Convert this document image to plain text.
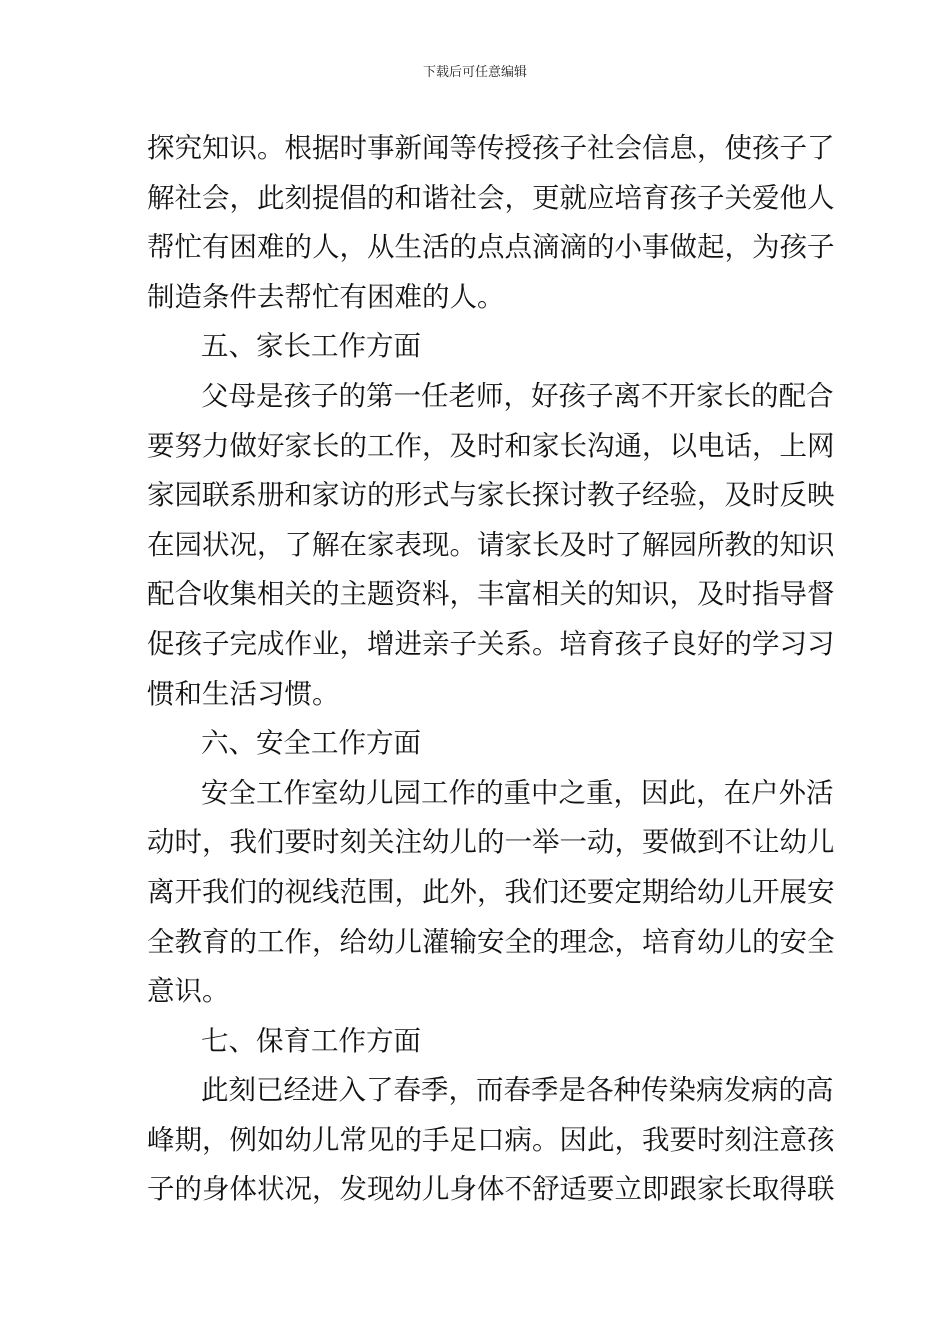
下载后可任意编辑
探究知识。根据时事新闻等传授孩子社会信息，使孩子了
解社会，此刻提倡的和谐社会，更就应培育孩子关爱他人
帮忙有困难的人，从生活的点点滴滴的小事做起，为孩子
制造条件去帮忙有困难的人。
五、家长工作方面
父母是孩子的第一任老师，好孩子离不开家长的配合
要努力做好家长的工作，及时和家长沟通，以电话，上网
家园联系册和家访的形式与家长探讨教子经验，及时反映
在园状况，了解在家表现。请家长及时了解园所教的知识
配合收集相关的主题资料，丰富相关的知识，及时指导督
促孩子完成作业，增进亲子关系。培育孩子良好的学习习
惯和生活习惯。
六、安全工作方面
安全工作室幼儿园工作的重中之重，因此，在户外活
动时，我们要时刻关注幼儿的一举一动，要做到不让幼儿
离开我们的视线范围，此外，我们还要定期给幼儿开展安
全教育的工作，给幼儿灌输安全的理念，培育幼儿的安全
意识。
七、保育工作方面
此刻已经进入了春季，而春季是各种传染病发病的高
峰期，例如幼儿常见的手足口病。因此，我要时刻注意孩
子的身体状况，发现幼儿身体不舒适要立即跟家长取得联
